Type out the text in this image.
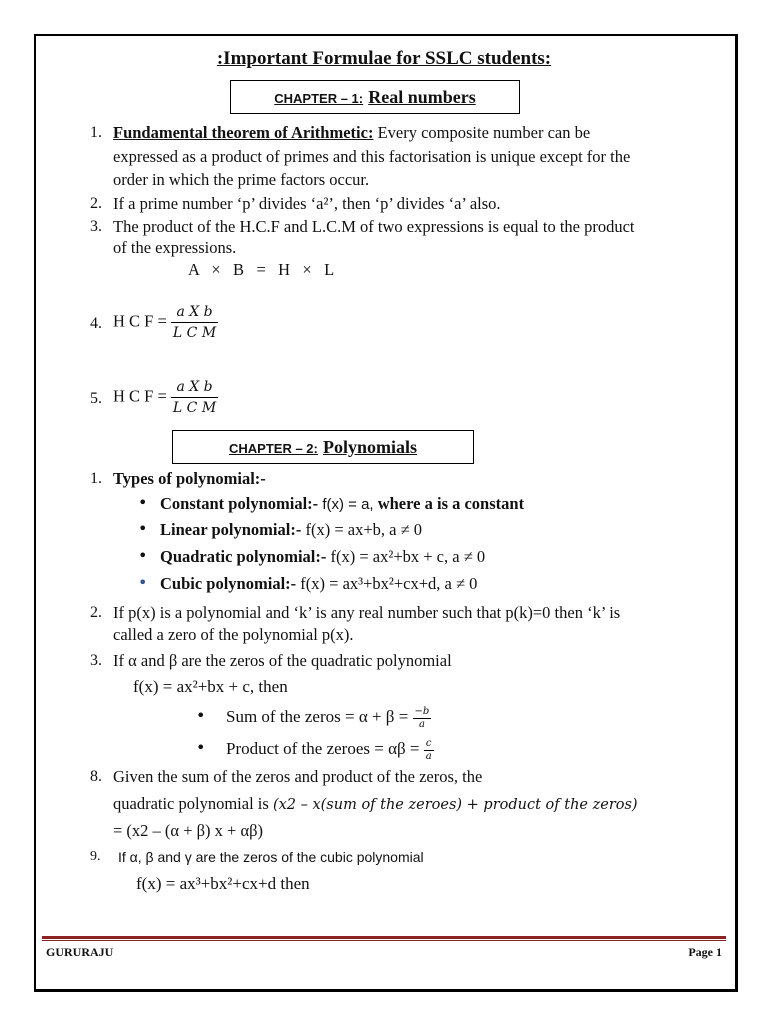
:Important Formulae for SSLC students:
CHAPTER – 1: Real numbers
1. Fundamental theorem of Arithmetic: Every composite number can be
expressed as a product of primes and this factorisation is unique except for the
order in which the prime factors occur.
2. If a prime number ‘p’ divides ‘a²’, then ‘p’ divides ‘a’ also.
3. The product of the H.C.F and L.C.M of two expressions is equal to the product
of the expressions.
A   ×   B   =   H   ×   L
4. H C $F = \frac{\text{a X b}}{\text{L C M}}$
5. H C $F = \frac{\text{a X b}}{\text{L C M}}$
CHAPTER – 2: Polynomials
1. Types of polynomial:-
• Constant polynomial:- f(x) = a, where a is a constant
• Linear polynomial:- f(x) = ax+b, a ≠ 0
• Quadratic polynomial:- f(x) = ax²+bx + c, a ≠ 0
• Cubic polynomial:- f(x) = ax³+bx²+cx+d, a ≠ 0
2. If p(x) is a polynomial and ‘k’ is any real number such that p(k)=0 then ‘k’ is
called a zero of the polynomial p(x).
3. If α and β are the zeros of the quadratic polynomial
f(x) = ax²+bx + c, then
• Sum of the zeros = $\alpha + \beta = \frac{-b}{a}$
• Product of the zeroes = $\alpha\beta = \frac{c}{a}$
8. Given the sum of the zeros and product of the zeros, the
quadratic polynomial is (x2 – x(sum of the zeroes) + product of the zeros)
= (x2 – (α + β) x + αβ)
9. If α, β and γ are the zeros of the cubic polynomial
f(x) = ax³+bx²+cx+d then
GURURAJU	Page 1
